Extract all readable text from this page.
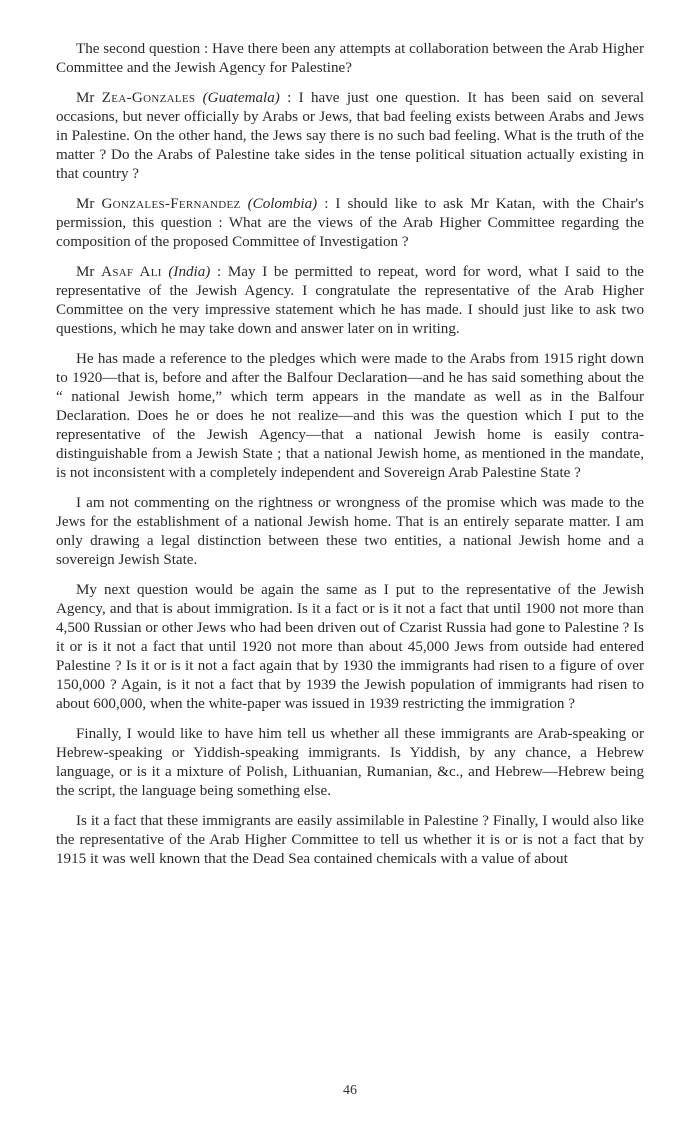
The second question : Have there been any attempts at collaboration between the Arab Higher Committee and the Jewish Agency for Palestine?

Mr Zea-Gonzales (Guatemala) : I have just one question. It has been said on several occasions, but never officially by Arabs or Jews, that bad feeling exists between Arabs and Jews in Palestine. On the other hand, the Jews say there is no such bad feeling. What is the truth of the matter ? Do the Arabs of Palestine take sides in the tense political situation actually existing in that country ?

Mr Gonzales-Fernandez (Colombia) : I should like to ask Mr Katan, with the Chair's permission, this question : What are the views of the Arab Higher Committee regarding the composition of the proposed Committee of Investigation ?

Mr Asaf Ali (India) : May I be permitted to repeat, word for word, what I said to the representative of the Jewish Agency. I congratulate the representative of the Arab Higher Committee on the very impressive statement which he has made. I should just like to ask two questions, which he may take down and answer later on in writing.

He has made a reference to the pledges which were made to the Arabs from 1915 right down to 1920—that is, before and after the Balfour Declaration—and he has said something about the “ national Jewish home,” which term appears in the mandate as well as in the Balfour Declaration. Does he or does he not realize—and this was the question which I put to the representative of the Jewish Agency—that a national Jewish home is easily contra-distinguishable from a Jewish State ; that a national Jewish home, as mentioned in the mandate, is not inconsistent with a completely independent and Sovereign Arab Palestine State ?

I am not commenting on the rightness or wrongness of the promise which was made to the Jews for the establishment of a national Jewish home. That is an entirely separate matter. I am only drawing a legal distinction between these two entities, a national Jewish home and a sovereign Jewish State.

My next question would be again the same as I put to the representative of the Jewish Agency, and that is about immigration. Is it a fact or is it not a fact that until 1900 not more than 4,500 Russian or other Jews who had been driven out of Czarist Russia had gone to Palestine ? Is it or is it not a fact that until 1920 not more than about 45,000 Jews from outside had entered Palestine ? Is it or is it not a fact again that by 1930 the immigrants had risen to a figure of over 150,000 ? Again, is it not a fact that by 1939 the Jewish population of immigrants had risen to about 600,000, when the white-paper was issued in 1939 restricting the immigration ?

Finally, I would like to have him tell us whether all these immigrants are Arab-speaking or Hebrew-speaking or Yiddish-speaking immigrants. Is Yiddish, by any chance, a Hebrew language, or is it a mixture of Polish, Lithuanian, Rumanian, &c., and Hebrew—Hebrew being the script, the language being something else.

Is it a fact that these immigrants are easily assimilable in Palestine ? Finally, I would also like the representative of the Arab Higher Committee to tell us whether it is or is not a fact that by 1915 it was well known that the Dead Sea contained chemicals with a value of about

46
